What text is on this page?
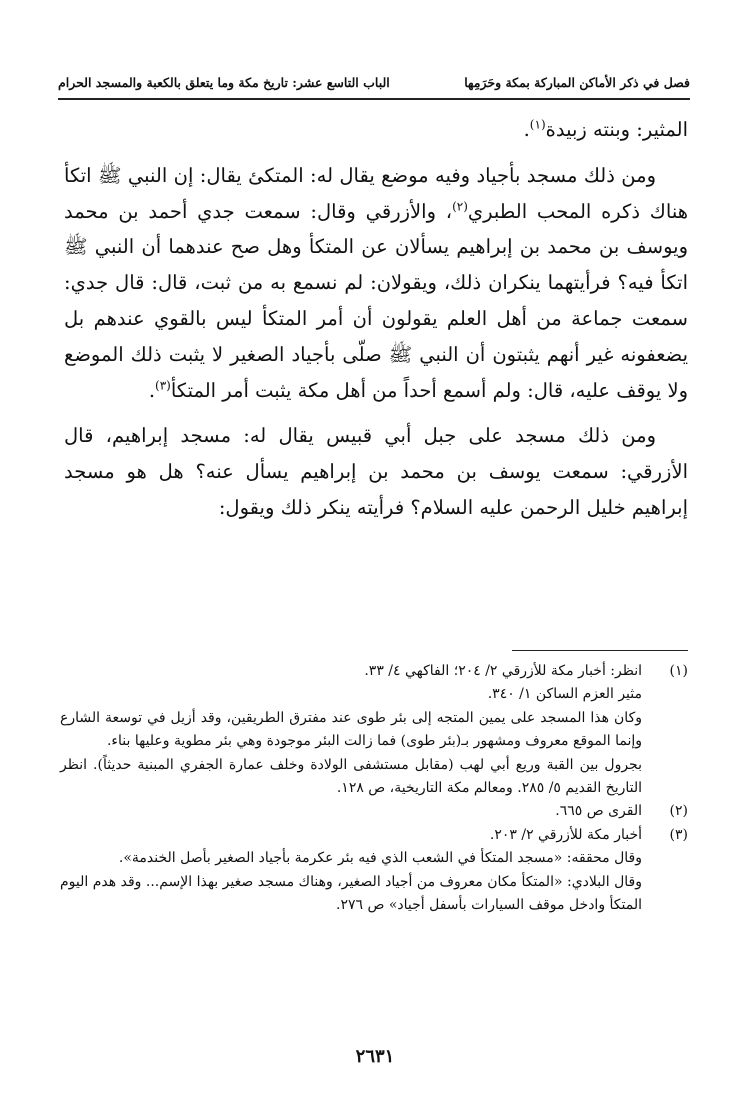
فصل في ذكر الأماكن المباركة بمكة وحَرَمِها
الباب التاسع عشر: تاريخ مكة وما يتعلق بالكعبة والمسجد الحرام

المثير: وبنته زبيدة$^{(١)}$.

ومن ذلك مسجد بأجياد وفيه موضع يقال له: المتكئ يقال: إن النبي ﷺ اتكأ هناك ذكره المحب الطبري$^{(٢)}$، والأزرقي وقال: سمعت جدي أحمد بن محمد ويوسف بن محمد بن إبراهيم يسألان عن المتكأ وهل صح عندهما أن النبي ﷺ اتكأ فيه؟ فرأيتهما ينكران ذلك، ويقولان: لم نسمع به من ثبت، قال: قال جدي: سمعت جماعة من أهل العلم يقولون أن أمر المتكأ ليس بالقوي عندهم بل يضعفونه غير أنهم يثبتون أن النبي ﷺ صلّى بأجياد الصغير لا يثبت ذلك الموضع ولا يوقف عليه، قال: ولم أسمع أحداً من أهل مكة يثبت أمر المتكأ$^{(٣)}$.

ومن ذلك مسجد على جبل أبي قبيس يقال له: مسجد إبراهيم، قال الأزرقي: سمعت يوسف بن محمد بن إبراهيم يسأل عنه؟ هل هو مسجد إبراهيم خليل الرحمن عليه السلام؟ فرأيته ينكر ذلك ويقول:

(١)
انظر: أخبار مكة للأزرقي ٢/ ٢٠٤؛ الفاكهي ٤/ ٣٣.
مثير العزم الساكن ١/ ٣٤٠.
وكان هذا المسجد على يمين المتجه إلى بئر طوى عند مفترق الطريقين، وقد أزيل في توسعة الشارع وإنما الموقع معروف ومشهور بـ(بئر طوى) فما زالت البئر موجودة وهي بئر مطوية وعليها بناء.
بجرول بين القبة وريع أبي لهب (مقابل مستشفى الولادة وخلف عمارة الجفري المبنية حديثاً). انظر التاريخ القديم ٥/ ٢٨٥. ومعالم مكة التاريخية، ص ١٢٨.
(٢)
القرى ص ٦٦٥.
(٣)
أخبار مكة للأزرقي ٢/ ٢٠٣.
وقال محققه: «مسجد المتكأ في الشعب الذي فيه بئر عكرمة بأجياد الصغير بأصل الخندمة».
وقال البلادي: «المتكأ مكان معروف من أجياد الصغير، وهناك مسجد صغير بهذا الإسم... وقد هدم اليوم المتكأ وادخل موقف السيارات بأسفل أجياد» ص ٢٧٦.
٢٦٣١
